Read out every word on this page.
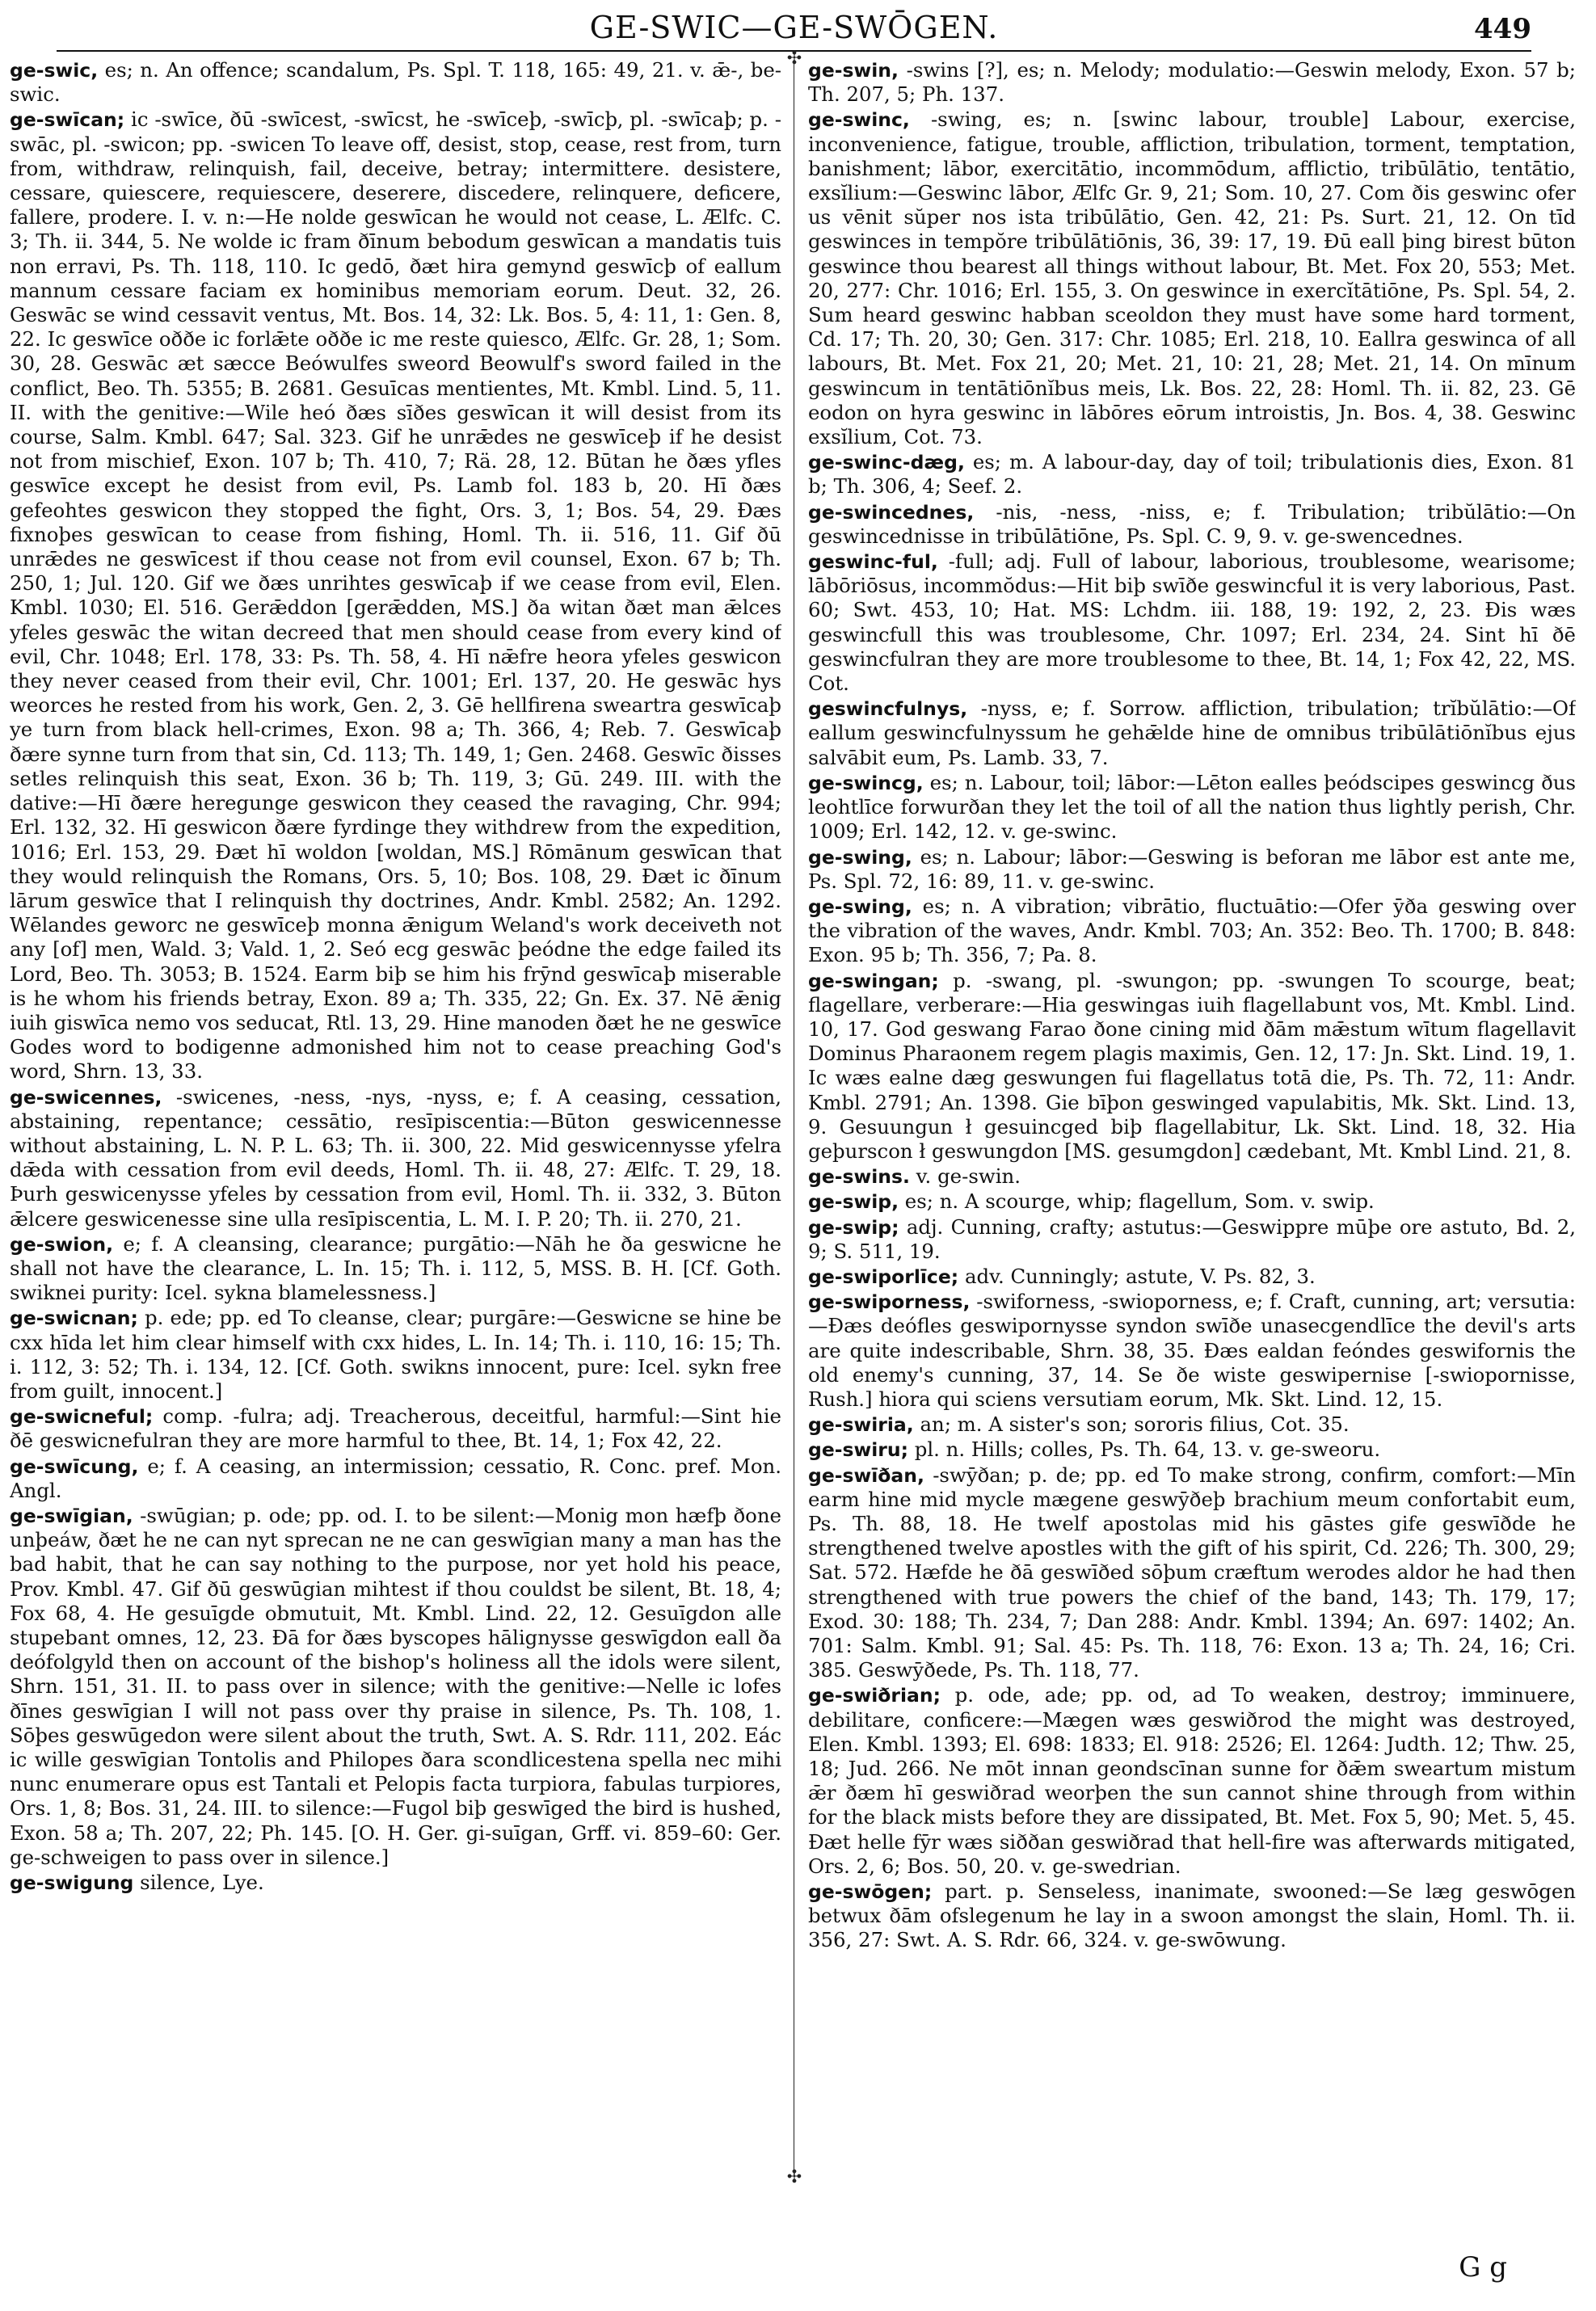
GE-SWIC—GE-SWŌGEN.	449
✣
✣

ge-swic, es; n. An offence; scandalum, Ps. Spl. T. 118, 165: 49, 21. v. ǣ-, be-swic.

ge-swīcan; ic -swīce, ðū -swīcest, -swīcst, he -swīceþ, -swīcþ, pl. -swīcaþ; p. -swāc, pl. -swicon; pp. -swicen To leave off, desist, stop, cease, rest from, turn from, withdraw, relinquish, fail, deceive, betray; intermittere. desistere, cessare, quiescere, requiescere, deserere, discedere, relinquere, deficere, fallere, prodere. I. v. n:—He nolde geswīcan he would not cease, L. Ælfc. C. 3; Th. ii. 344, 5. Ne wolde ic fram ðīnum bebodum geswīcan a mandatis tuis non erravi, Ps. Th. 118, 110. Ic gedō, ðæt hira gemynd geswīcþ of eallum mannum cessare faciam ex hominibus memoriam eorum. Deut. 32, 26. Geswāc se wind cessavit ventus, Mt. Bos. 14, 32: Lk. Bos. 5, 4: 11, 1: Gen. 8, 22. Ic geswīce oððe ic forlǣte oððe ic me reste quiesco, Ælfc. Gr. 28, 1; Som. 30, 28. Geswāc æt sæcce Beówulfes sweord Beowulf's sword failed in the conflict, Beo. Th. 5355; B. 2681. Gesuīcas mentientes, Mt. Kmbl. Lind. 5, 11. II. with the genitive:—Wile heó ðæs sīðes geswīcan it will desist from its course, Salm. Kmbl. 647; Sal. 323. Gif he unrǣdes ne geswīceþ if he desist not from mischief, Exon. 107 b; Th. 410, 7; Rä. 28, 12. Būtan he ðæs yfles geswīce except he desist from evil, Ps. Lamb fol. 183 b, 20. Hī ðæs gefeohtes geswicon they stopped the fight, Ors. 3, 1; Bos. 54, 29. Ðæs fixnoþes geswīcan to cease from fishing, Homl. Th. ii. 516, 11. Gif ðū unrǣdes ne geswīcest if thou cease not from evil counsel, Exon. 67 b; Th. 250, 1; Jul. 120. Gif we ðæs unrihtes geswīcaþ if we cease from evil, Elen. Kmbl. 1030; El. 516. Gerǣddon [gerǣdden, MS.] ða witan ðæt man ǣlces yfeles geswāc the witan decreed that men should cease from every kind of evil, Chr. 1048; Erl. 178, 33: Ps. Th. 58, 4. Hī nǣfre heora yfeles geswicon they never ceased from their evil, Chr. 1001; Erl. 137, 20. He geswāc hys weorces he rested from his work, Gen. 2, 3. Gē hellfirena sweartra geswīcaþ ye turn from black hell-crimes, Exon. 98 a; Th. 366, 4; Reb. 7. Geswīcaþ ðære synne turn from that sin, Cd. 113; Th. 149, 1; Gen. 2468. Geswīc ðisses setles relinquish this seat, Exon. 36 b; Th. 119, 3; Gū. 249. III. with the dative:—Hī ðære heregunge geswicon they ceased the ravaging, Chr. 994; Erl. 132, 32. Hī geswicon ðære fyrdinge they withdrew from the expedition, 1016; Erl. 153, 29. Ðæt hī woldon [woldan, MS.] Rōmānum geswīcan that they would relinquish the Romans, Ors. 5, 10; Bos. 108, 29. Ðæt ic ðīnum lārum geswīce that I relinquish thy doctrines, Andr. Kmbl. 2582; An. 1292. Wēlandes geworc ne geswīceþ monna ǣnigum Weland's work deceiveth not any [of] men, Wald. 3; Vald. 1, 2. Seó ecg geswāc þeódne the edge failed its Lord, Beo. Th. 3053; B. 1524. Earm biþ se him his frȳnd geswīcaþ miserable is he whom his friends betray, Exon. 89 a; Th. 335, 22; Gn. Ex. 37. Nē ǣnig iuih giswīca nemo vos seducat, Rtl. 13, 29. Hine manoden ðæt he ne geswīce Godes word to bodigenne admonished him not to cease preaching God's word, Shrn. 13, 33.

ge-swicennes, -swicenes, -ness, -nys, -nyss, e; f. A ceasing, cessation, abstaining, repentance; cessātio, resīpiscentia:—Būton geswicennesse without abstaining, L. N. P. L. 63; Th. ii. 300, 22. Mid geswicennysse yfelra dǣda with cessation from evil deeds, Homl. Th. ii. 48, 27: Ælfc. T. 29, 18. Þurh geswicenysse yfeles by cessation from evil, Homl. Th. ii. 332, 3. Būton ǣlcere geswicenesse sine ulla resīpiscentia, L. M. I. P. 20; Th. ii. 270, 21.

ge-swion, e; f. A cleansing, clearance; purgātio:—Nāh he ða geswicne he shall not have the clearance, L. In. 15; Th. i. 112, 5, MSS. B. H. [Cf. Goth. swiknei purity: Icel. sykna blamelessness.]

ge-swicnan; p. ede; pp. ed To cleanse, clear; purgāre:—Geswicne se hine be cxx hīda let him clear himself with cxx hides, L. In. 14; Th. i. 110, 16: 15; Th. i. 112, 3: 52; Th. i. 134, 12. [Cf. Goth. swikns innocent, pure: Icel. sykn free from guilt, innocent.]

ge-swicneful; comp. -fulra; adj. Treacherous, deceitful, harmful:—Sint hie ðē geswicnefulran they are more harmful to thee, Bt. 14, 1; Fox 42, 22.

ge-swīcung, e; f. A ceasing, an intermission; cessatio, R. Conc. pref. Mon. Angl.

ge-swīgian, -swūgian; p. ode; pp. od. I. to be silent:—Monig mon hæfþ ðone unþeáw, ðæt he ne can nyt sprecan ne ne can geswīgian many a man has the bad habit, that he can say nothing to the purpose, nor yet hold his peace, Prov. Kmbl. 47. Gif ðū geswūgian mihtest if thou couldst be silent, Bt. 18, 4; Fox 68, 4. He gesuīgde obmutuit, Mt. Kmbl. Lind. 22, 12. Gesuīgdon alle stupebant omnes, 12, 23. Ðā for ðæs byscopes hālignysse geswīgdon eall ða deófolgyld then on account of the bishop's holiness all the idols were silent, Shrn. 151, 31. II. to pass over in silence; with the genitive:—Nelle ic lofes ðīnes geswīgian I will not pass over thy praise in silence, Ps. Th. 108, 1. Sōþes geswūgedon were silent about the truth, Swt. A. S. Rdr. 111, 202. Eác ic wille geswīgian Tontolis and Philopes ðara scondlicestena spella nec mihi nunc enumerare opus est Tantali et Pelopis facta turpiora, fabulas turpiores, Ors. 1, 8; Bos. 31, 24. III. to silence:—Fugol biþ geswīged the bird is hushed, Exon. 58 a; Th. 207, 22; Ph. 145. [O. H. Ger. gi-suīgan, Grff. vi. 859–60: Ger. ge-schweigen to pass over in silence.]

ge-swigung silence, Lye.

ge-swin, -swins [?], es; n. Melody; modulatio:—Geswin melody, Exon. 57 b; Th. 207, 5; Ph. 137.

ge-swinc, -swing, es; n. [swinc labour, trouble] Labour, exercise, inconvenience, fatigue, trouble, affliction, tribulation, torment, temptation, banishment; lābor, exercitātio, incommōdum, afflictio, tribūlātio, tentātio, exsĭlium:—Geswinc lābor, Ælfc Gr. 9, 21; Som. 10, 27. Com ðis geswinc ofer us vēnit sŭper nos ista tribūlātio, Gen. 42, 21: Ps. Surt. 21, 12. On tīd geswinces in tempŏre tribūlātiōnis, 36, 39: 17, 19. Ðū eall þing birest būton geswince thou bearest all things without labour, Bt. Met. Fox 20, 553; Met. 20, 277: Chr. 1016; Erl. 155, 3. On geswince in exercĭtātiōne, Ps. Spl. 54, 2. Sum heard geswinc habban sceoldon they must have some hard torment, Cd. 17; Th. 20, 30; Gen. 317: Chr. 1085; Erl. 218, 10. Eallra geswinca of all labours, Bt. Met. Fox 21, 20; Met. 21, 10: 21, 28; Met. 21, 14. On mīnum geswincum in tentātiōnĭbus meis, Lk. Bos. 22, 28: Homl. Th. ii. 82, 23. Gē eodon on hyra geswinc in lābōres eōrum introistis, Jn. Bos. 4, 38. Geswinc exsĭlium, Cot. 73.

ge-swinc-dæg, es; m. A labour-day, day of toil; tribulationis dies, Exon. 81 b; Th. 306, 4; Seef. 2.

ge-swincednes, -nis, -ness, -niss, e; f. Tribulation; tribŭlātio:—On geswincednisse in tribūlātiōne, Ps. Spl. C. 9, 9. v. ge-swencednes.

geswinc-ful, -full; adj. Full of labour, laborious, troublesome, wearisome; lābōriōsus, incommŏdus:—Hit biþ swīðe geswincful it is very laborious, Past. 60; Swt. 453, 10; Hat. MS: Lchdm. iii. 188, 19: 192, 2, 23. Ðis wæs geswincfull this was troublesome, Chr. 1097; Erl. 234, 24. Sint hī ðē geswincfulran they are more troublesome to thee, Bt. 14, 1; Fox 42, 22, MS. Cot.

geswincfulnys, -nyss, e; f. Sorrow. affliction, tribulation; trĭbŭlātio:—Of eallum geswincfulnyssum he gehǣlde hine de omnibus tribūlātiōnĭbus ejus salvābit eum, Ps. Lamb. 33, 7.

ge-swincg, es; n. Labour, toil; lābor:—Lēton ealles þeódscipes geswincg ðus leohtlīce forwurðan they let the toil of all the nation thus lightly perish, Chr. 1009; Erl. 142, 12. v. ge-swinc.

ge-swing, es; n. Labour; lābor:—Geswing is beforan me lābor est ante me, Ps. Spl. 72, 16: 89, 11. v. ge-swinc.

ge-swing, es; n. A vibration; vibrātio, fluctuātio:—Ofer ȳða geswing over the vibration of the waves, Andr. Kmbl. 703; An. 352: Beo. Th. 1700; B. 848: Exon. 95 b; Th. 356, 7; Pa. 8.

ge-swingan; p. -swang, pl. -swungon; pp. -swungen To scourge, beat; flagellare, verberare:—Hia geswingas iuih flagellabunt vos, Mt. Kmbl. Lind. 10, 17. God geswang Farao ðone cining mid ðām mǣstum wītum flagellavit Dominus Pharaonem regem plagis maximis, Gen. 12, 17: Jn. Skt. Lind. 19, 1. Ic wæs ealne dæg geswungen fui flagellatus totā die, Ps. Th. 72, 11: Andr. Kmbl. 2791; An. 1398. Gie bīþon geswinged vapulabitis, Mk. Skt. Lind. 13, 9. Gesuungun ł gesuincged biþ flagellabitur, Lk. Skt. Lind. 18, 32. Hia geþurscon ł geswungdon [MS. gesumgdon] cædebant, Mt. Kmbl Lind. 21, 8.

ge-swins. v. ge-swin.

ge-swip, es; n. A scourge, whip; flagellum, Som. v. swip.

ge-swip; adj. Cunning, crafty; astutus:—Geswippre mūþe ore astuto, Bd. 2, 9; S. 511, 19.

ge-swiporlīce; adv. Cunningly; astute, V. Ps. 82, 3.

ge-swiporness, -swiforness, -swioporness, e; f. Craft, cunning, art; versutia:—Ðæs deófles geswipornysse syndon swīðe unasecgendlīce the devil's arts are quite indescribable, Shrn. 38, 35. Ðæs ealdan feóndes geswifornis the old enemy's cunning, 37, 14. Se ðe wiste geswipernise [-swiopornisse, Rush.] hiora qui sciens versutiam eorum, Mk. Skt. Lind. 12, 15.

ge-swiria, an; m. A sister's son; sororis filius, Cot. 35.

ge-swiru; pl. n. Hills; colles, Ps. Th. 64, 13. v. ge-sweoru.

ge-swīðan, -swȳðan; p. de; pp. ed To make strong, confirm, comfort:—Mīn earm hine mid mycle mægene geswȳðeþ brachium meum confortabit eum, Ps. Th. 88, 18. He twelf apostolas mid his gāstes gife geswīðde he strengthened twelve apostles with the gift of his spirit, Cd. 226; Th. 300, 29; Sat. 572. Hæfde he ðā geswīðed sōþum cræftum werodes aldor he had then strengthened with true powers the chief of the band, 143; Th. 179, 17; Exod. 30: 188; Th. 234, 7; Dan 288: Andr. Kmbl. 1394; An. 697: 1402; An. 701: Salm. Kmbl. 91; Sal. 45: Ps. Th. 118, 76: Exon. 13 a; Th. 24, 16; Cri. 385. Geswȳðede, Ps. Th. 118, 77.

ge-swiðrian; p. ode, ade; pp. od, ad To weaken, destroy; imminuere, debilitare, conficere:—Mægen wæs geswiðrod the might was destroyed, Elen. Kmbl. 1393; El. 698: 1833; El. 918: 2526; El. 1264: Judth. 12; Thw. 25, 18; Jud. 266. Ne mōt innan geondscīnan sunne for ðǣm sweartum mistum ǣr ðæm hī geswiðrad weorþen the sun cannot shine through from within for the black mists before they are dissipated, Bt. Met. Fox 5, 90; Met. 5, 45. Ðæt helle fȳr wæs siððan geswiðrad that hell-fire was afterwards mitigated, Ors. 2, 6; Bos. 50, 20. v. ge-swedrian.

ge-swōgen; part. p. Senseless, inanimate, swooned:—Se læg geswōgen betwux ðām ofslegenum he lay in a swoon amongst the slain, Homl. Th. ii. 356, 27: Swt. A. S. Rdr. 66, 324. v. ge-swōwung.

G g
